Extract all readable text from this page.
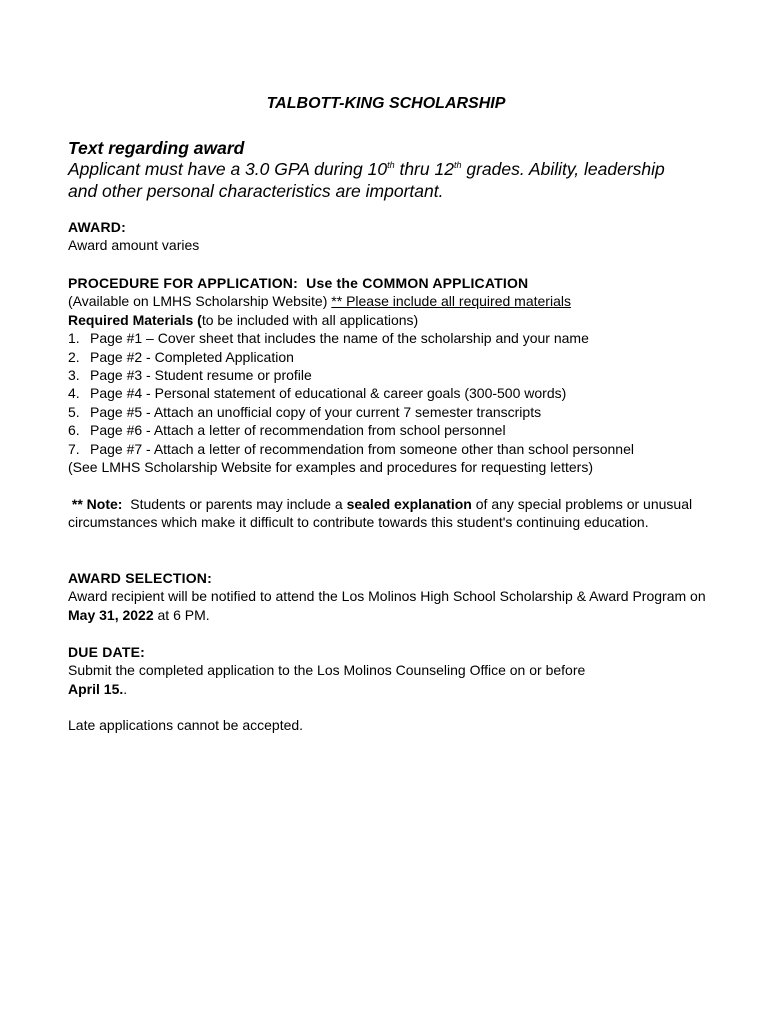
TALBOTT-KING SCHOLARSHIP
Text regarding award
Applicant must have a 3.0 GPA during 10th thru 12th grades. Ability, leadership
and other personal characteristics are important.
AWARD:
Award amount varies
PROCEDURE FOR APPLICATION:  Use the COMMON APPLICATION
(Available on LMHS Scholarship Website) ** Please include all required materials
Required Materials (to be included with all applications)
1. Page #1 – Cover sheet that includes the name of the scholarship and your name
2. Page #2 - Completed Application
3. Page #3 - Student resume or profile
4. Page #4 - Personal statement of educational & career goals (300-500 words)
5. Page #5 - Attach an unofficial copy of your current 7 semester transcripts
6. Page #6 - Attach a letter of recommendation from school personnel
7. Page #7 - Attach a letter of recommendation from someone other than school personnel
(See LMHS Scholarship Website for examples and procedures for requesting letters)
** Note:  Students or parents may include a sealed explanation of any special problems or unusual circumstances which make it difficult to contribute towards this student's continuing education.
AWARD SELECTION:
Award recipient will be notified to attend the Los Molinos High School Scholarship & Award Program on May 31, 2022 at 6 PM.
DUE DATE:
Submit the completed application to the Los Molinos Counseling Office on or before
April 15..
Late applications cannot be accepted.
